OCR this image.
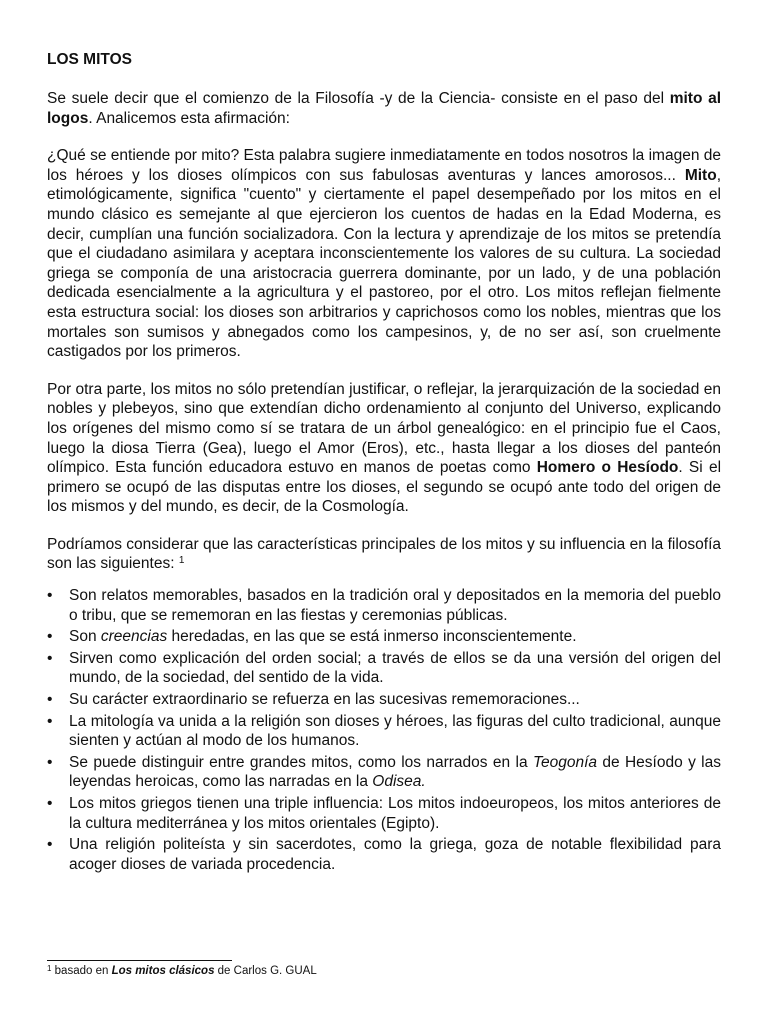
LOS MITOS

Se suele decir que el comienzo de la Filosofía -y de la Ciencia- consiste en el paso del mito al logos. Analicemos esta afirmación:

¿Qué se entiende por mito? Esta palabra sugiere inmediatamente en todos nosotros la imagen de los héroes y los dioses olímpicos con sus fabulosas aventuras y lances amorosos... Mito, etimológicamente, significa "cuento" y ciertamente el papel desempeñado por los mitos en el mundo clásico es semejante al que ejercieron los cuentos de hadas en la Edad Moderna, es decir, cumplían una función socializadora. Con la lectura y aprendizaje de los mitos se pretendía que el ciudadano asimilara y aceptara inconscientemente los valores de su cultura. La sociedad griega se componía de una aristocracia guerrera dominante, por un lado, y de una población dedicada esencialmente a la agricultura y el pastoreo, por el otro. Los mitos reflejan fielmente esta estructura social: los dioses son arbitrarios y caprichosos como los nobles, mientras que los mortales son sumisos y abnegados como los campesinos, y, de no ser así, son cruelmente castigados por los primeros.

Por otra parte, los mitos no sólo pretendían justificar, o reflejar, la jerarquización de la sociedad en nobles y plebeyos, sino que extendían dicho ordenamiento al conjunto del Universo, explicando los orígenes del mismo como sí se tratara de un árbol genealógico: en el principio fue el Caos, luego la diosa Tierra (Gea), luego el Amor (Eros), etc., hasta llegar a los dioses del panteón olímpico. Esta función educadora estuvo en manos de poetas como Homero o Hesíodo. Si el primero se ocupó de las disputas entre los dioses, el segundo se ocupó ante todo del origen de los mismos y del mundo, es decir, de la Cosmología.

Podríamos considerar que las características principales de los mitos y su influencia en la filosofía son las siguientes: $^1$

• Son relatos memorables, basados en la tradición oral y depositados en la memoria del pueblo o tribu, que se rememoran en las fiestas y ceremonias públicas.
• Son creencias heredadas, en las que se está inmerso inconscientemente.
• Sirven como explicación del orden social; a través de ellos se da una versión del origen del mundo, de la sociedad, del sentido de la vida.
• Su carácter extraordinario se refuerza en las sucesivas rememoraciones...
• La mitología va unida a la religión son dioses y héroes, las figuras del culto tradicional, aunque sienten y actúan al modo de los humanos.
• Se puede distinguir entre grandes mitos, como los narrados en la Teogonía de Hesíodo y las leyendas heroicas, como las narradas en la Odisea.
• Los mitos griegos tienen una triple influencia: Los mitos indoeuropeos, los mitos anteriores de la cultura mediterránea y los mitos orientales (Egipto).
• Una religión politeísta y sin sacerdotes, como la griega, goza de notable flexibilidad para acoger dioses de variada procedencia.
$^1$ basado en Los mitos clásicos de Carlos G. GUAL
